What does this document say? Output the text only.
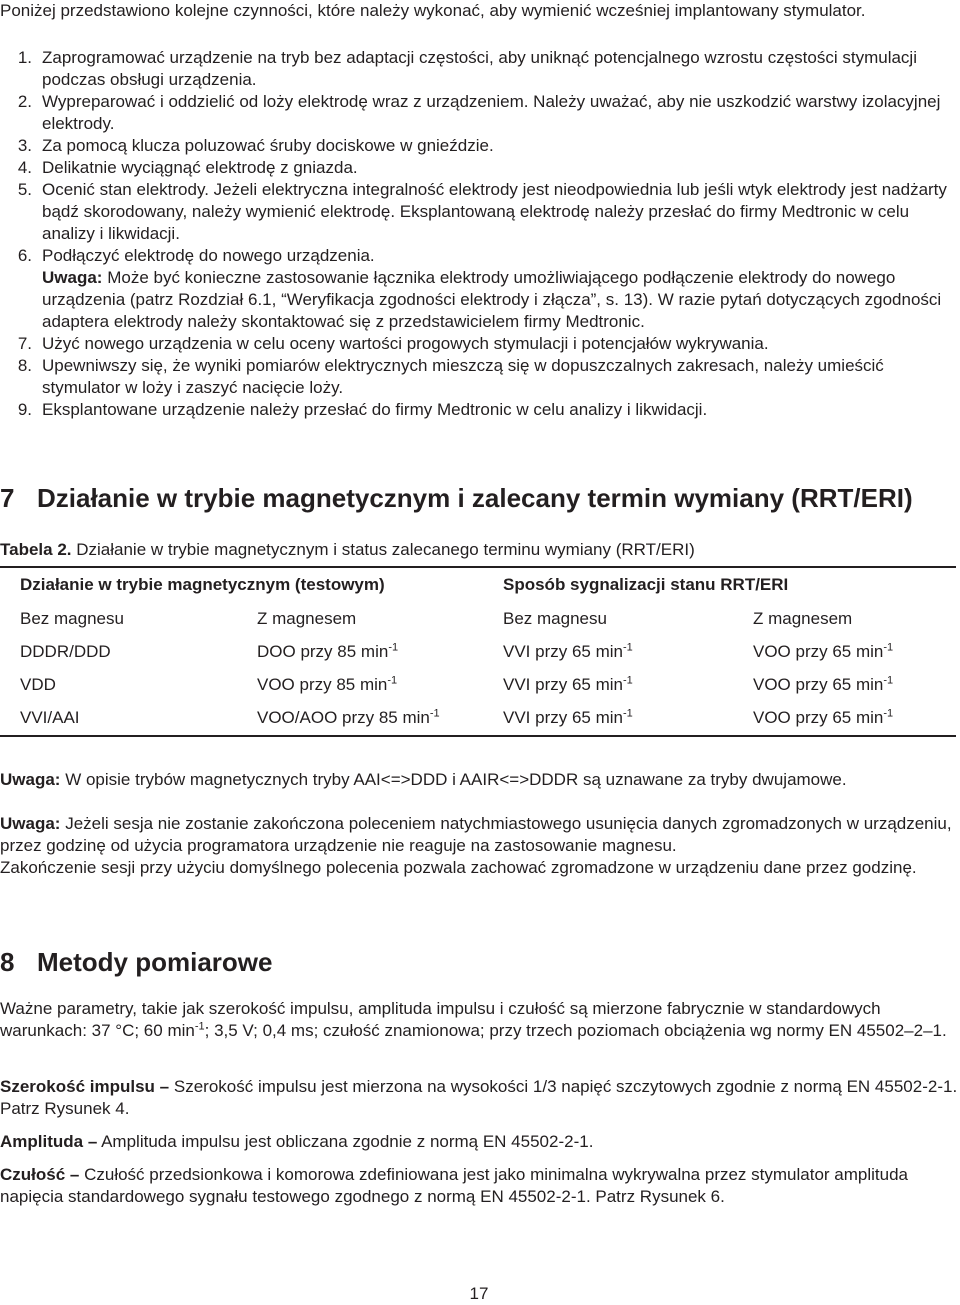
Poniżej przedstawiono kolejne czynności, które należy wykonać, aby wymienić wcześniej implantowany stymulator.

1. Zaprogramować urządzenie na tryb bez adaptacji częstości, aby uniknąć potencjalnego wzrostu częstości stymulacji podczas obsługi urządzenia.
2. Wypreparować i oddzielić od loży elektrodę wraz z urządzeniem. Należy uważać, aby nie uszkodzić warstwy izolacyjnej elektrody.
3. Za pomocą klucza poluzować śruby dociskowe w gnieździe.
4. Delikatnie wyciągnąć elektrodę z gniazda.
5. Ocenić stan elektrody. Jeżeli elektryczna integralność elektrody jest nieodpowiednia lub jeśli wtyk elektrody jest nadżarty bądź skorodowany, należy wymienić elektrodę. Eksplantowaną elektrodę należy przesłać do firmy Medtronic w celu analizy i likwidacji.
6. Podłączyć elektrodę do nowego urządzenia.
Uwaga: Może być konieczne zastosowanie łącznika elektrody umożliwiającego podłączenie elektrody do nowego urządzenia (patrz Rozdział 6.1, “Weryfikacja zgodności elektrody i złącza”, s. 13). W razie pytań dotyczących zgodności adaptera elektrody należy skontaktować się z przedstawicielem firmy Medtronic.
7. Użyć nowego urządzenia w celu oceny wartości progowych stymulacji i potencjałów wykrywania.
8. Upewniwszy się, że wyniki pomiarów elektrycznych mieszczą się w dopuszczalnych zakresach, należy umieścić stymulator w loży i zaszyć nacięcie loży.
9. Eksplantowane urządzenie należy przesłać do firmy Medtronic w celu analizy i likwidacji.
7 Działanie w trybie magnetycznym i zalecany termin wymiany (RRT/ERI)

Tabela 2. Działanie w trybie magnetycznym i status zalecanego terminu wymiany (RRT/ERI)

Działanie w trybie magnetycznym (testowym)		Sposób sygnalizacji stanu RRT/ERI	
Bez magnesu	Z magnesem	Bez magnesu	Z magnesem
DDDR/DDD	DOO przy 85 $\min^{-1}$	VVI przy 65 $\min^{-1}$	VOO przy 65 $\min^{-1}$
VDD	VOO przy 85 $\min^{-1}$	VVI przy 65 $\min^{-1}$	VOO przy 65 $\min^{-1}$
VVI/AAI	VOO/AOO przy 85 $\min^{-1}$	VVI przy 65 $\min^{-1}$	VOO przy 65 $\min^{-1}$

Uwaga: W opisie trybów magnetycznych tryby AAI<=>DDD i AAIR<=>DDDR są uznawane za tryby dwujamowe.

Uwaga: Jeżeli sesja nie zostanie zakończona poleceniem natychmiastowego usunięcia danych zgromadzonych w urządzeniu, przez godzinę od użycia programatora urządzenie nie reaguje na zastosowanie magnesu.

Zakończenie sesji przy użyciu domyślnego polecenia pozwala zachować zgromadzone w urządzeniu dane przez godzinę.

8 Metody pomiarowe

Ważne parametry, takie jak szerokość impulsu, amplituda impulsu i czułość są mierzone fabrycznie w standardowych warunkach: 37 °C; 60 $\min^{-1}$; 3,5 V; 0,4 ms; czułość znamionowa; przy trzech poziomach obciążenia wg normy EN 45502–2–1.

Szerokość impulsu – Szerokość impulsu jest mierzona na wysokości 1/3 napięć szczytowych zgodnie z normą EN 45502-2-1. Patrz Rysunek 4.

Amplituda – Amplituda impulsu jest obliczana zgodnie z normą EN 45502-2-1.

Czułość – Czułość przedsionkowa i komorowa zdefiniowana jest jako minimalna wykrywalna przez stymulator amplituda napięcia standardowego sygnału testowego zgodnego z normą EN 45502-2-1. Patrz Rysunek 6.

17
